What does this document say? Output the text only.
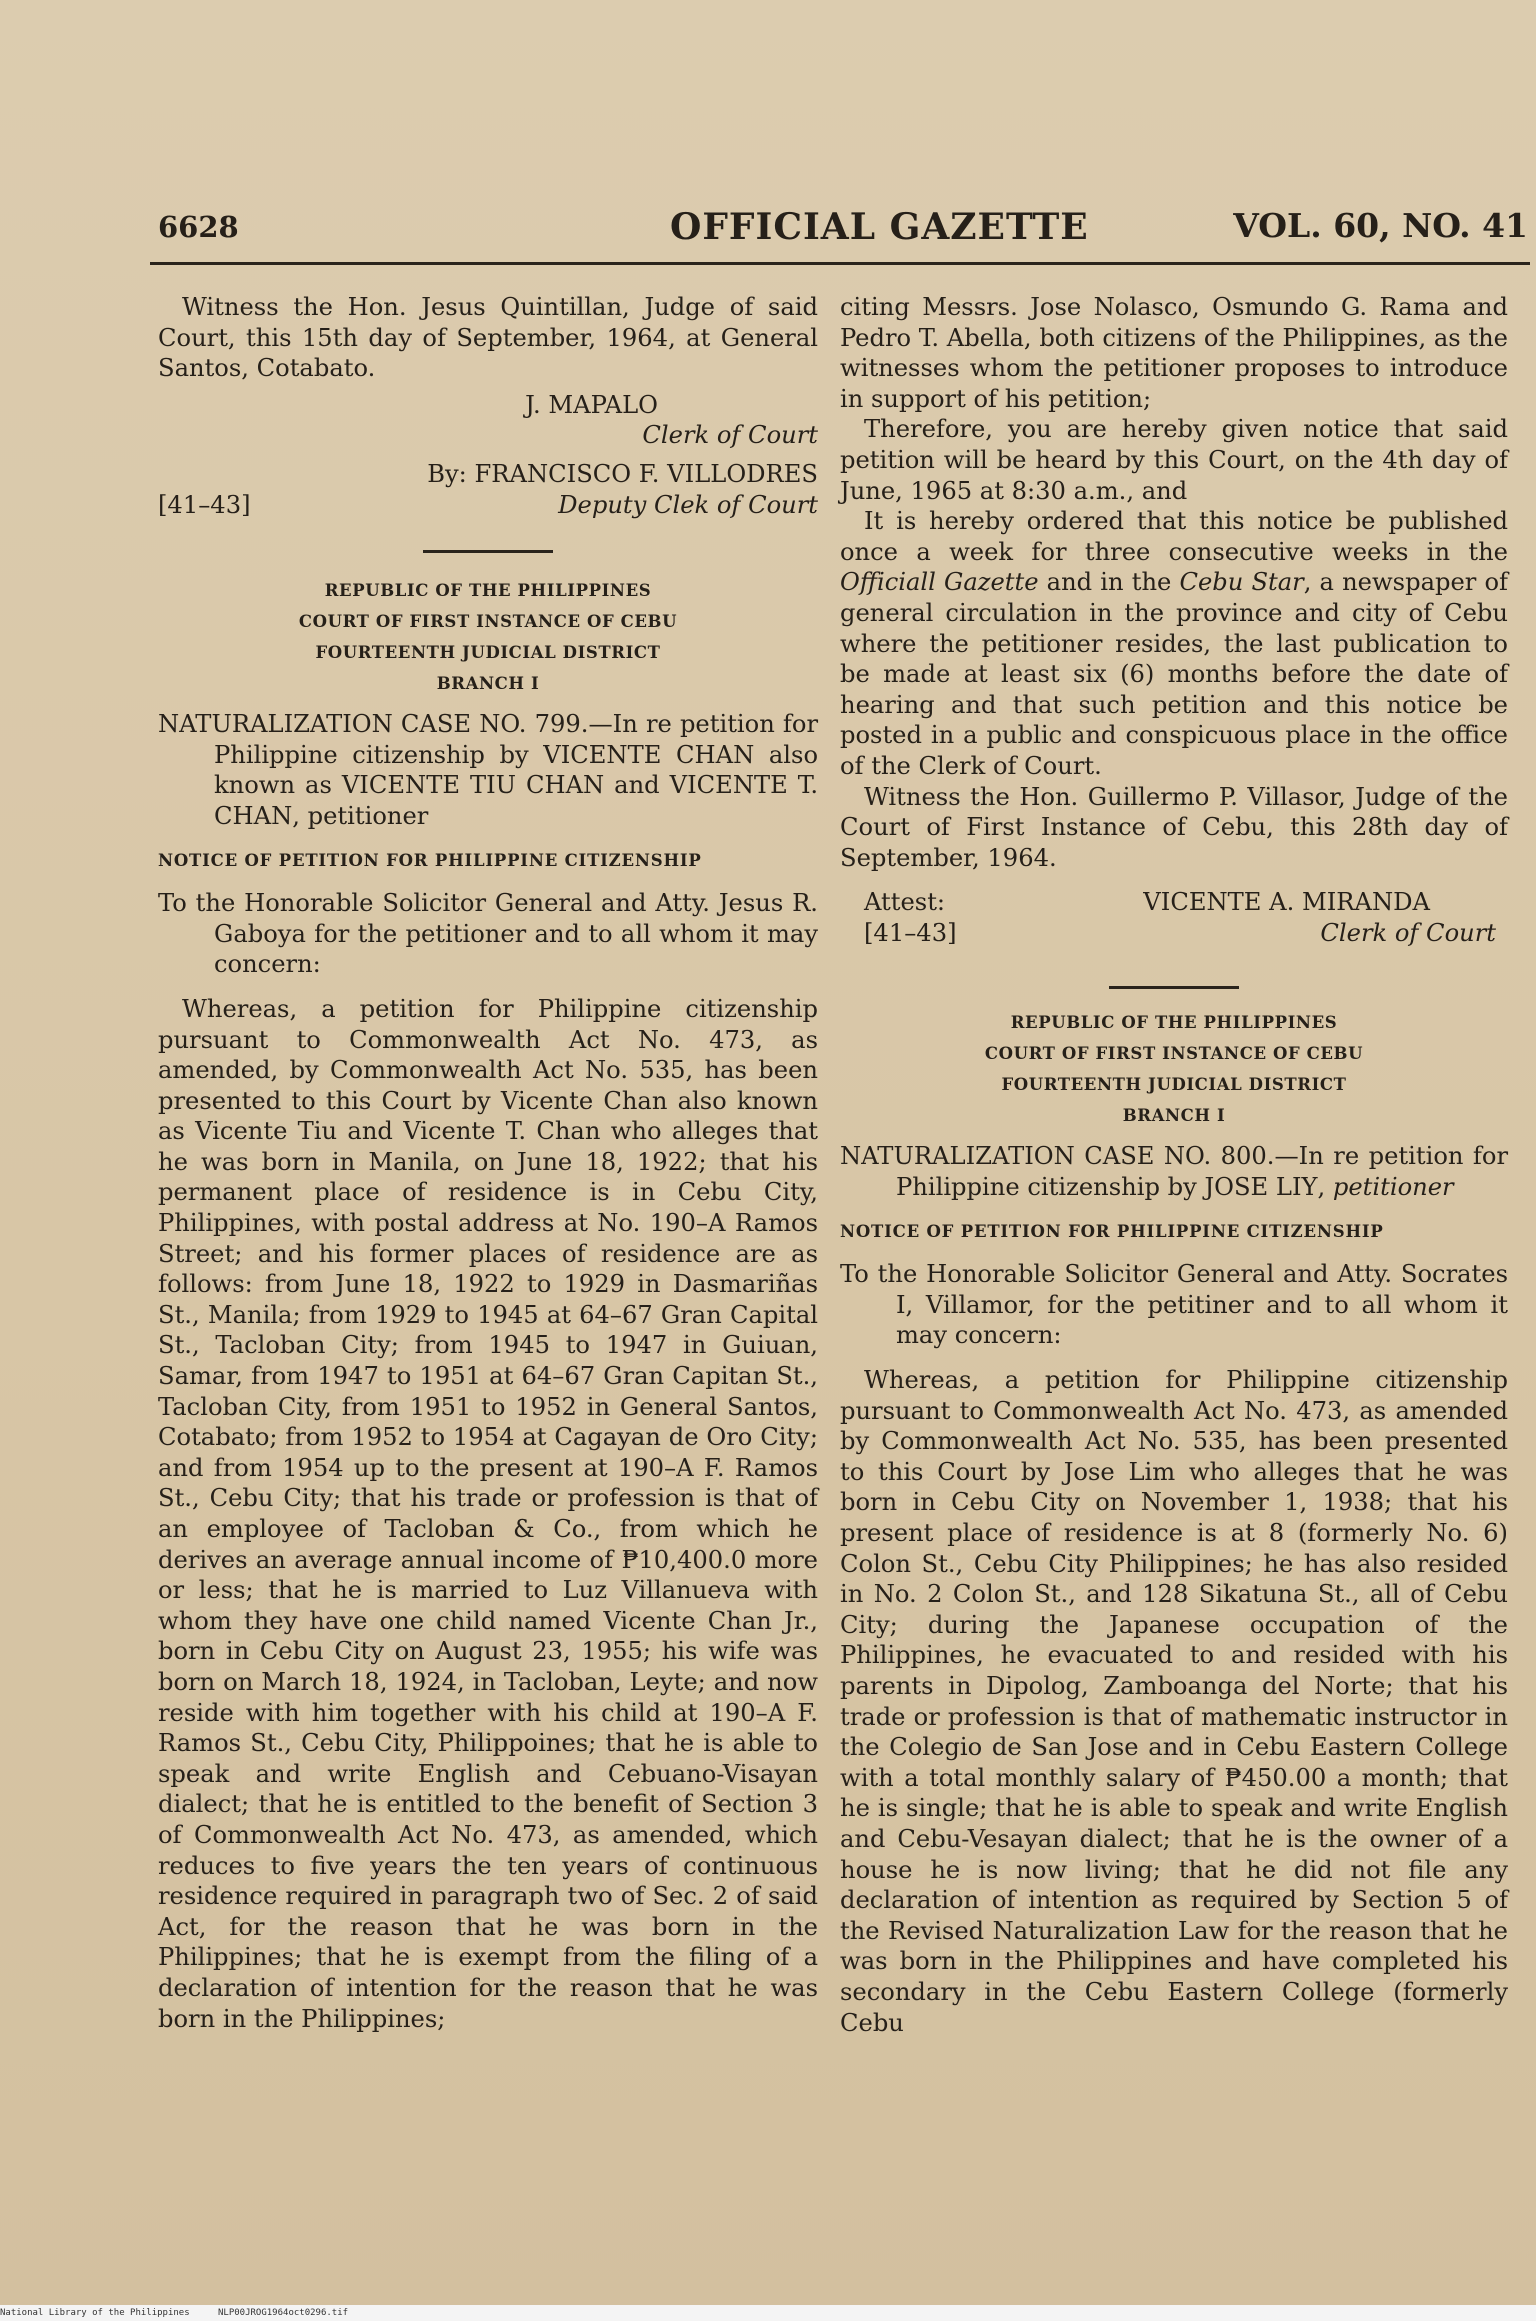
6628	OFFICIAL GAZETTE	VOL. 60, NO. 41

Witness the Hon. Jesus Quintillan, Judge of said Court, this 15th day of September, 1964, at General Santos, Cotabato.

J. MAPALO
Clerk of Court
By: FRANCISCO F. VILLODRES
[41–43]	Deputy Clek of Court
REPUBLIC OF THE PHILIPPINES
COURT OF FIRST INSTANCE OF CEBU
FOURTEENTH JUDICIAL DISTRICT
BRANCH I

NATURALIZATION CASE NO. 799.—In re petition for Philippine citizenship by VICENTE CHAN also known as VICENTE TIU CHAN and VICENTE T. CHAN, petitioner

NOTICE OF PETITION FOR PHILIPPINE CITIZENSHIP

To the Honorable Solicitor General and Atty. Jesus R. Gaboya for the petitioner and to all whom it may concern:

Whereas, a petition for Philippine citizenship pursuant to Commonwealth Act No. 473, as amended, by Commonwealth Act No. 535, has been presented to this Court by Vicente Chan also known as Vicente Tiu and Vicente T. Chan who alleges that he was born in Manila, on June 18, 1922; that his permanent place of residence is in Cebu City, Philippines, with postal address at No. 190–A Ramos Street; and his former places of residence are as follows: from June 18, 1922 to 1929 in Dasmariñas St., Manila; from 1929 to 1945 at 64–67 Gran Capital St., Tacloban City; from 1945 to 1947 in Guiuan, Samar, from 1947 to 1951 at 64–67 Gran Capitan St., Tacloban City, from 1951 to 1952 in General Santos, Cotabato; from 1952 to 1954 at Cagayan de Oro City; and from 1954 up to the present at 190–A F. Ramos St., Cebu City; that his trade or profession is that of an employee of Tacloban & Co., from which he derives an average annual income of ₱10,400.0 more or less; that he is married to Luz Villanueva with whom they have one child named Vicente Chan Jr., born in Cebu City on August 23, 1955; his wife was born on March 18, 1924, in Tacloban, Leyte; and now reside with him together with his child at 190–A F. Ramos St., Cebu City, Philippoines; that he is able to speak and write English and Cebuano-Visayan dialect; that he is entitled to the benefit of Section 3 of Commonwealth Act No. 473, as amended, which reduces to five years the ten years of continuous residence required in paragraph two of Sec. 2 of said Act, for the reason that he was born in the Philippines; that he is exempt from the filing of a declaration of intention for the reason that he was born in the Philippines;

citing Messrs. Jose Nolasco, Osmundo G. Rama and Pedro T. Abella, both citizens of the Philippines, as the witnesses whom the petitioner proposes to introduce in support of his petition;

Therefore, you are hereby given notice that said petition will be heard by this Court, on the 4th day of June, 1965 at 8:30 a.m., and

It is hereby ordered that this notice be published once a week for three consecutive weeks in the Officiall Gazette and in the Cebu Star, a newspaper of general circulation in the province and city of Cebu where the petitioner resides, the last publication to be made at least six (6) months before the date of hearing and that such petition and this notice be posted in a public and conspicuous place in the office of the Clerk of Court.

Witness the Hon. Guillermo P. Villasor, Judge of the Court of First Instance of Cebu, this 28th day of September, 1964.

Attest:	VICENTE A. MIRANDA
[41–43]	Clerk of Court
REPUBLIC OF THE PHILIPPINES
COURT OF FIRST INSTANCE OF CEBU
FOURTEENTH JUDICIAL DISTRICT
BRANCH I

NATURALIZATION CASE NO. 800.—In re petition for Philippine citizenship by JOSE LIY, petitioner

NOTICE OF PETITION FOR PHILIPPINE CITIZENSHIP

To the Honorable Solicitor General and Atty. Socrates I, Villamor, for the petitiner and to all whom it may concern:

Whereas, a petition for Philippine citizenship pursuant to Commonwealth Act No. 473, as amended by Commonwealth Act No. 535, has been presented to this Court by Jose Lim who alleges that he was born in Cebu City on November 1, 1938; that his present place of residence is at 8 (formerly No. 6) Colon St., Cebu City Philippines; he has also resided in No. 2 Colon St., and 128 Sikatuna St., all of Cebu City; during the Japanese occupation of the Philippines, he evacuated to and resided with his parents in Dipolog, Zamboanga del Norte; that his trade or profession is that of mathematic instructor in the Colegio de San Jose and in Cebu Eastern College with a total monthly salary of ₱450.00 a month; that he is single; that he is able to speak and write English and Cebu-Vesayan dialect; that he is the owner of a house he is now living; that he did not file any declaration of intention as required by Section 5 of the Revised Naturalization Law for the reason that he was born in the Philippines and have completed his secondary in the Cebu Eastern College (formerly Cebu

National Library of the Philippines	NLP00JROG1964oct0296.tif
